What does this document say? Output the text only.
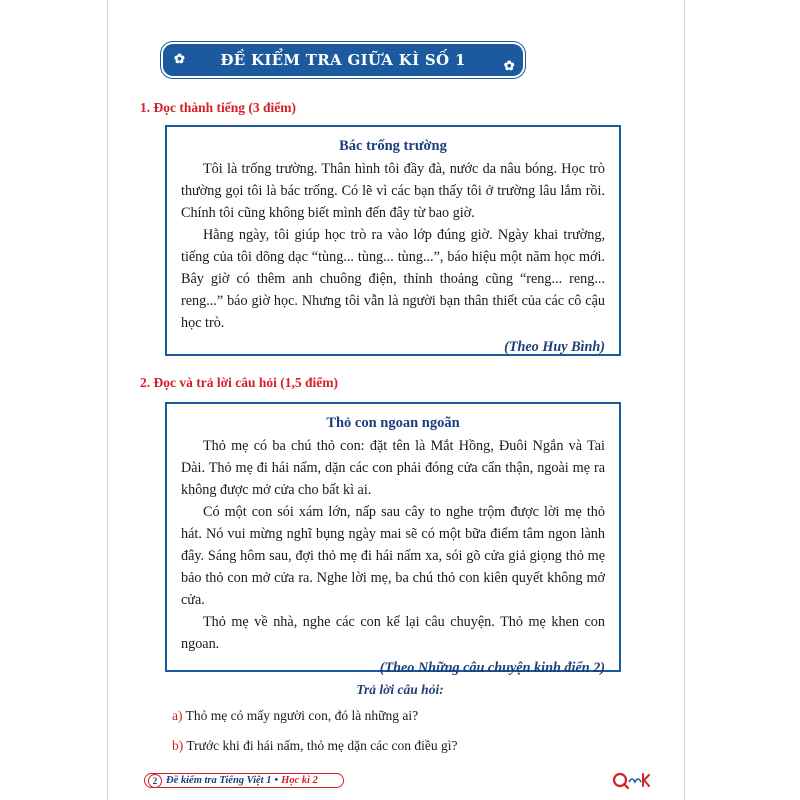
✿ ĐỀ KIỂM TRA GIỮA KÌ SỐ 1	✿
1. Đọc thành tiếng (3 điểm)
Bác trống trường

Tôi là trống trường. Thân hình tôi đầy đà, nước da nâu bóng. Học trò thường gọi tôi là bác trống. Có lẽ vì các bạn thấy tôi ở trường lâu lắm rồi. Chính tôi cũng không biết mình đến đây từ bao giờ.

Hằng ngày, tôi giúp học trò ra vào lớp đúng giờ. Ngày khai trường, tiếng của tôi dõng dạc “tùng... tùng... tùng...”, báo hiệu một năm học mới. Bây giờ có thêm anh chuông điện, thỉnh thoảng cũng “reng... reng... reng...” báo giờ học. Nhưng tôi vẫn là người bạn thân thiết của các cô cậu học trò.

(Theo Huy Bình)
2. Đọc và trả lời câu hỏi (1,5 điểm)
Thỏ con ngoan ngoãn

Thỏ mẹ có ba chú thỏ con: đặt tên là Mắt Hồng, Đuôi Ngắn và Tai Dài. Thỏ mẹ đi hái nấm, dặn các con phải đóng cửa cẩn thận, ngoài mẹ ra không được mở cửa cho bất kì ai.

Có một con sói xám lớn, nấp sau cây to nghe trộm được lời mẹ thỏ hát. Nó vui mừng nghĩ bụng ngày mai sẽ có một bữa điểm tâm ngon lành đây. Sáng hôm sau, đợi thỏ mẹ đi hái nấm xa, sói gõ cửa giả giọng thỏ mẹ bảo thỏ con mở cửa ra. Nghe lời mẹ, ba chú thỏ con kiên quyết không mở cửa.

Thỏ mẹ về nhà, nghe các con kể lại câu chuyện. Thỏ mẹ khen con ngoan.

(Theo Những câu chuyện kinh điển 2)
Trả lời câu hỏi:
a) Thỏ mẹ có mấy người con, đó là những ai?
b) Trước khi đi hái nấm, thỏ mẹ dặn các con điều gì?
2 Đề kiểm tra Tiếng Việt 1 • Học kì 2
